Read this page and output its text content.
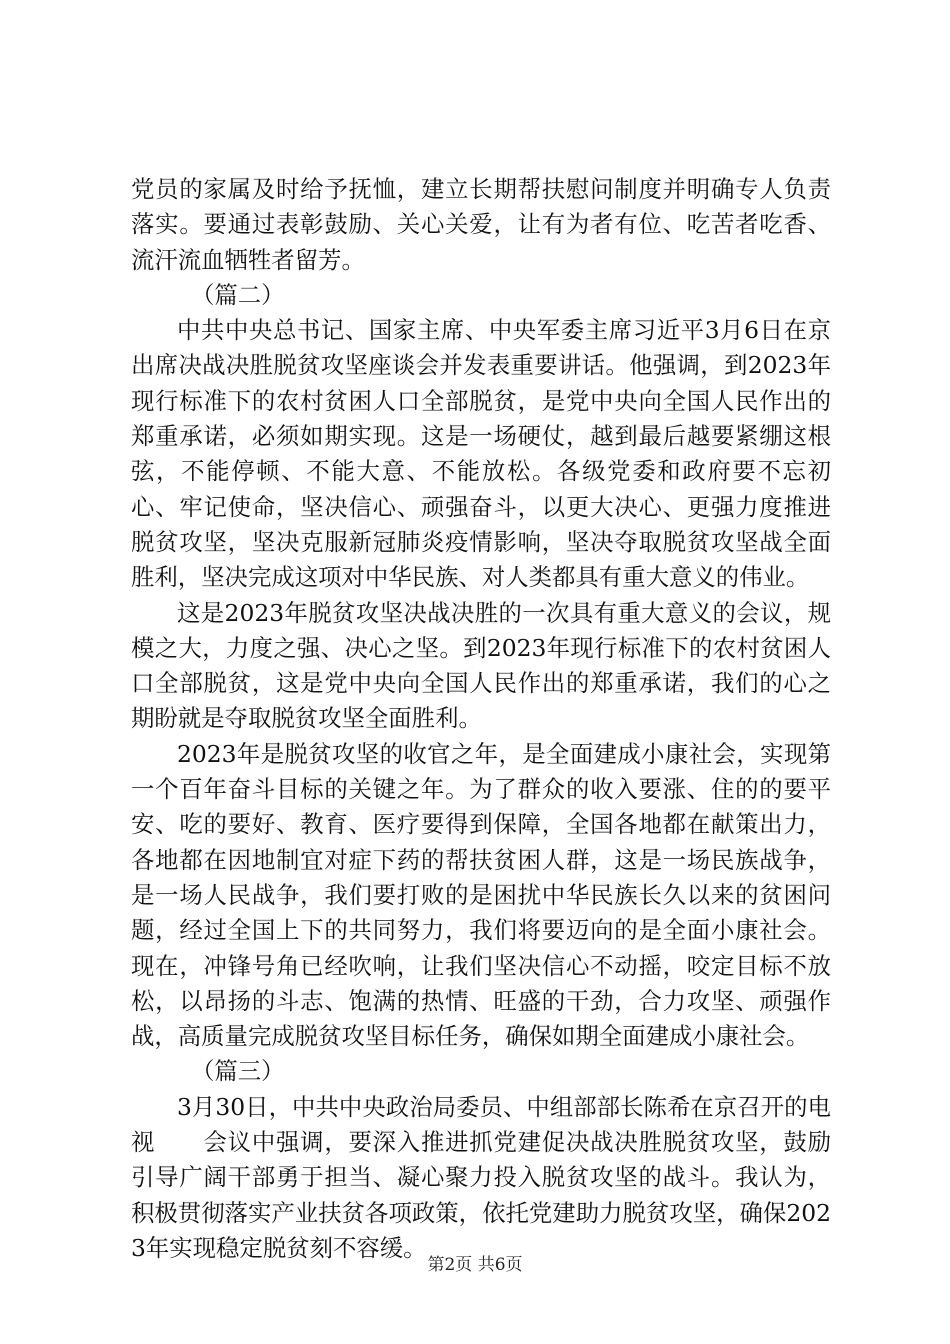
党员的家属及时给予抚恤，建立长期帮扶慰问制度并明确专人负责落实。要通过表彰鼓励、关心关爱，让有为者有位、吃苦者吃香、流汗流血牺牲者留芳。

（篇二）

中共中央总书记、国家主席、中央军委主席习近平3月6日在京出席决战决胜脱贫攻坚座谈会并发表重要讲话。他强调，到2023年现行标准下的农村贫困人口全部脱贫，是党中央向全国人民作出的郑重承诺，必须如期实现。这是一场硬仗，越到最后越要紧绷这根弦，不能停顿、不能大意、不能放松。各级党委和政府要不忘初心、牢记使命，坚决信心、顽强奋斗，以更大决心、更强力度推进脱贫攻坚，坚决克服新冠肺炎疫情影响，坚决夺取脱贫攻坚战全面胜利，坚决完成这项对中华民族、对人类都具有重大意义的伟业。

这是2023年脱贫攻坚决战决胜的一次具有重大意义的会议，规模之大，力度之强、决心之坚。到2023年现行标准下的农村贫困人口全部脱贫，这是党中央向全国人民作出的郑重承诺，我们的心之期盼就是夺取脱贫攻坚全面胜利。

2023年是脱贫攻坚的收官之年，是全面建成小康社会，实现第一个百年奋斗目标的关键之年。为了群众的收入要涨、住的的要平安、吃的要好、教育、医疗要得到保障，全国各地都在献策出力，各地都在因地制宜对症下药的帮扶贫困人群，这是一场民族战争，是一场人民战争，我们要打败的是困扰中华民族长久以来的贫困问题，经过全国上下的共同努力，我们将要迈向的是全面小康社会。现在，冲锋号角已经吹响，让我们坚决信心不动摇，咬定目标不放松，以昂扬的斗志、饱满的热情、旺盛的干劲，合力攻坚、顽强作战，高质量完成脱贫攻坚目标任务，确保如期全面建成小康社会。

（篇三）

3月30日，中共中央政治局委员、中组部部长陈希在京召开的电视　　会议中强调，要深入推进抓党建促决战决胜脱贫攻坚，鼓励引导广阔干部勇于担当、凝心聚力投入脱贫攻坚的战斗。我认为，积极贯彻落实产业扶贫各项政策，依托党建助力脱贫攻坚，确保2023年实现稳定脱贫刻不容缓。

第2页 共6页
